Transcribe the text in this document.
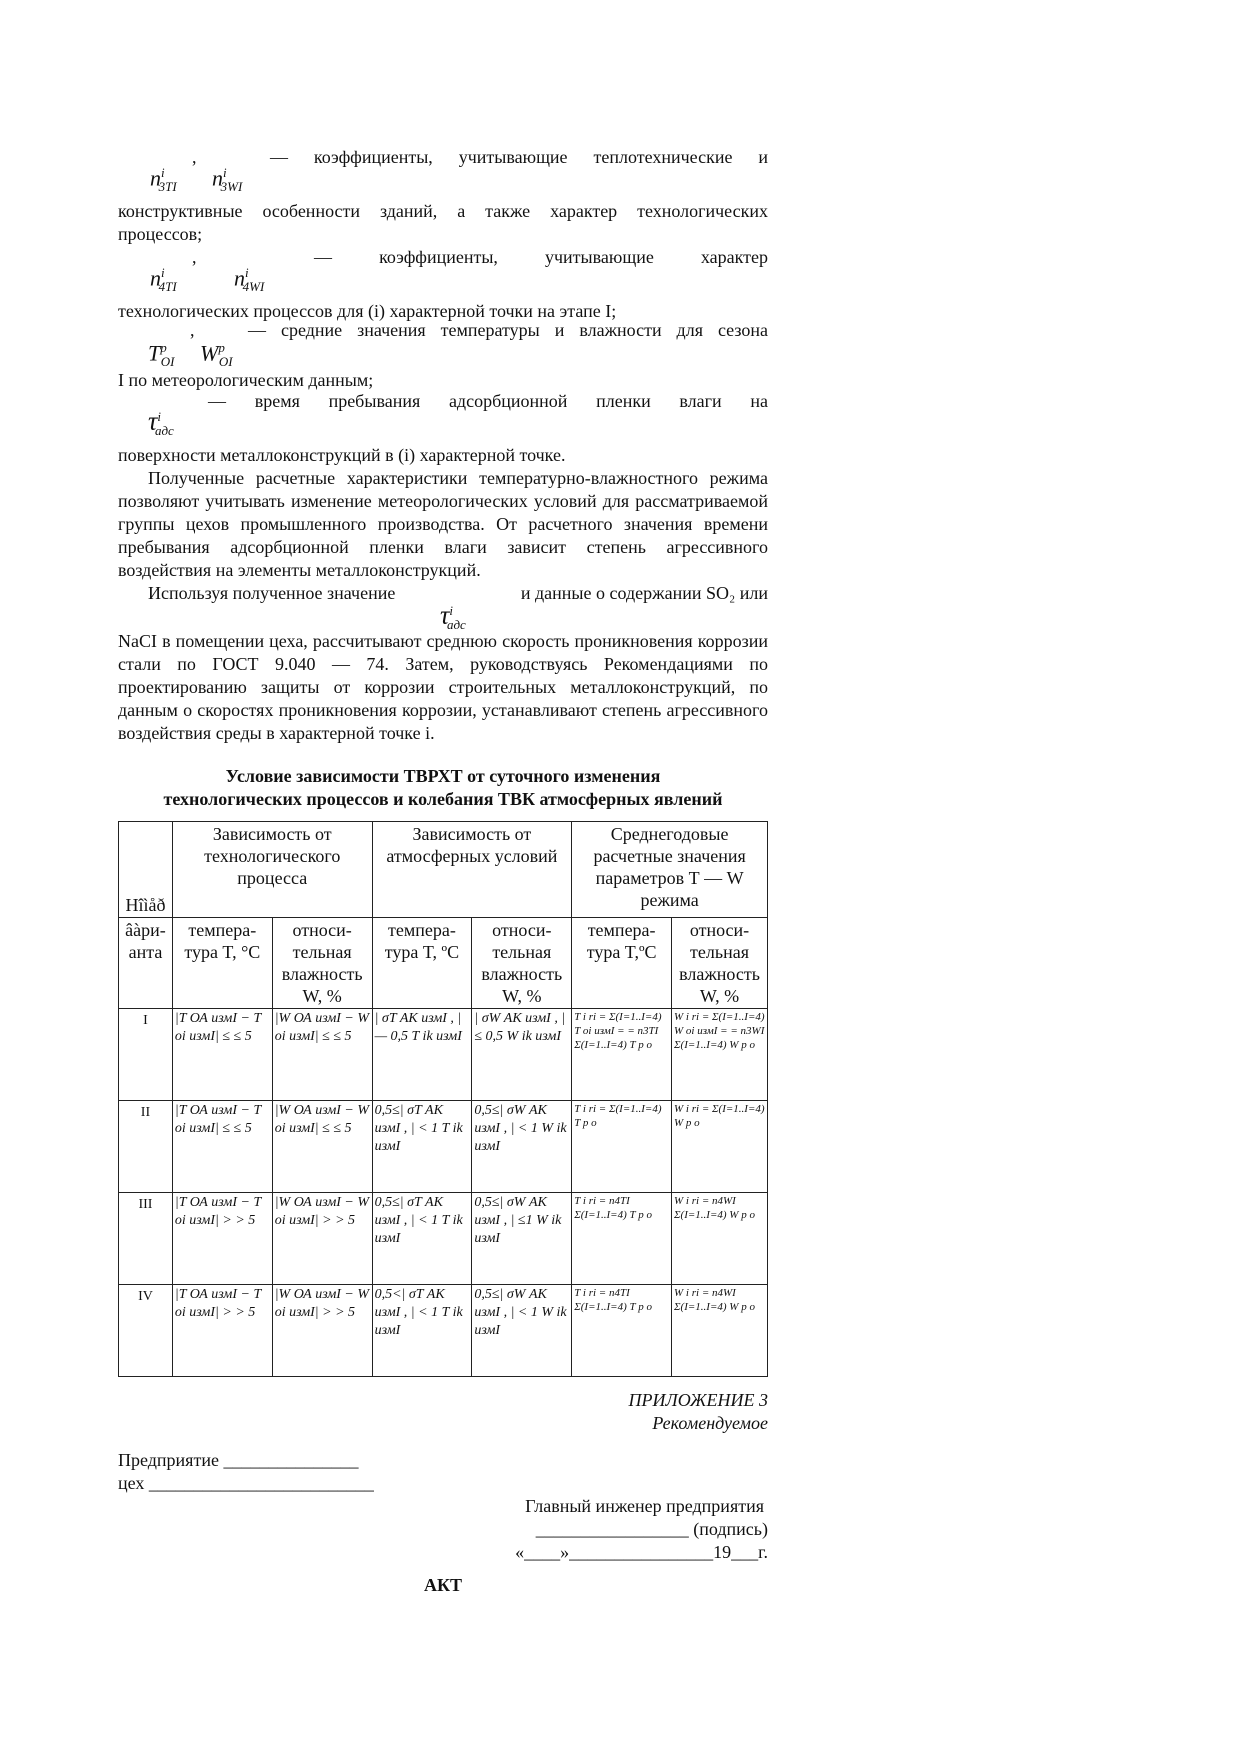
$n^i_{3TI}$
,
$n^i_{3WI}$
— коэффициенты, учитывающие теплотехнические и
конструктивные особенности зданий, а также характер технологических
процессов;
$n^i_{4TI}$
,
$n^i_{4WI}$
— коэффициенты, учитывающие характер
технологических процессов для (i) характерной точки на этапе I;
$T^p_{OI}$
,
$W^p_{OI}$
— средние значения температуры и влажности для сезона
I по метеорологическим данным;
$\tau^i_{адс}$
— время пребывания адсорбционной пленки влаги на
поверхности металлоконструкций в (i) характерной точке.
Полученные расчетные характеристики температурно-влажностного режима позволяют учитывать изменение метеорологических условий для рассматриваемой группы цехов промышленного производства. От расчетного значения времени пребывания адсорбционной пленки влаги зависит степень агрессивного воздействия на элементы металлоконструкций.
Используя полученное значение
$\tau^i_{адс}$
и данные о содержании SO₂ или
NaCI в помещении цеха, рассчитывают среднюю скорость проникновения коррозии стали по ГОСТ 9.040 — 74. Затем, руководствуясь Рекомендациями по проектированию защиты от коррозии строительных металлоконструкций, по данным о скоростях проникновения коррозии, устанавливают степень агрессивного воздействия среды в характерной точке i.
Условие зависимости ТВРХТ от суточного изменения
технологических процессов и колебания ТВК атмосферных явлений
Hîìåð	Зависимость от технологического процесса		Зависимость от атмосферных условий		Среднегодовые расчетные значения параметров Т — W режима	
âàри-анта	темпера-тура T, °C	относи-тельная влажность W, %	темпера-тура T, ºC	относи-тельная влажность W, %	темпера-тура T,ºC	относи-тельная влажность W, %
I	|T ОА измI − T oi измI| ≤ ≤ 5	|W ОА измI − W oi измI| ≤ ≤ 5	| σT АК измI , |— 0,5 T ik измI	| σW АК измI , | ≤ 0,5 W ik измI	T i ri = Σ(I=1..I=4) T oi измI = = n3TI Σ(I=1..I=4) T p o	W i ri = Σ(I=1..I=4) W oi измI = = n3WI Σ(I=1..I=4) W p o
II	|T ОА измI − T oi измI| ≤ ≤ 5	|W ОА измI − W oi измI| ≤ ≤ 5	0,5≤| σT АК измI , | < 1 T ik измI	0,5≤| σW АК измI , | < 1 W ik измI	T i ri = Σ(I=1..I=4) T p o	W i ri = Σ(I=1..I=4) W p o
III	|T ОА измI − T oi измI| > > 5	|W ОА измI − W oi измI| > > 5	0,5≤| σT АК измI , | < 1 T ik измI	0,5≤| σW АК измI , | ≤1 W ik измI	T i ri = n4TI Σ(I=1..I=4) T p o	W i ri = n4WI Σ(I=1..I=4) W p o
IV	|T ОА измI − T oi измI| > > 5	|W ОА измI − W oi измI| > > 5	0,5<| σT АК измI , | < 1 T ik измI	0,5≤| σW АК измI , | < 1 W ik измI	T i ri = n4TI Σ(I=1..I=4) T p o	W i ri = n4WI Σ(I=1..I=4) W p o
ПРИЛОЖЕНИЕ 3
Рекомендуемое
Предприятие _______________
цех _________________________
Главный инженер предприятия
_________________ (подпись)
«____»________________19___г.
АКТ
